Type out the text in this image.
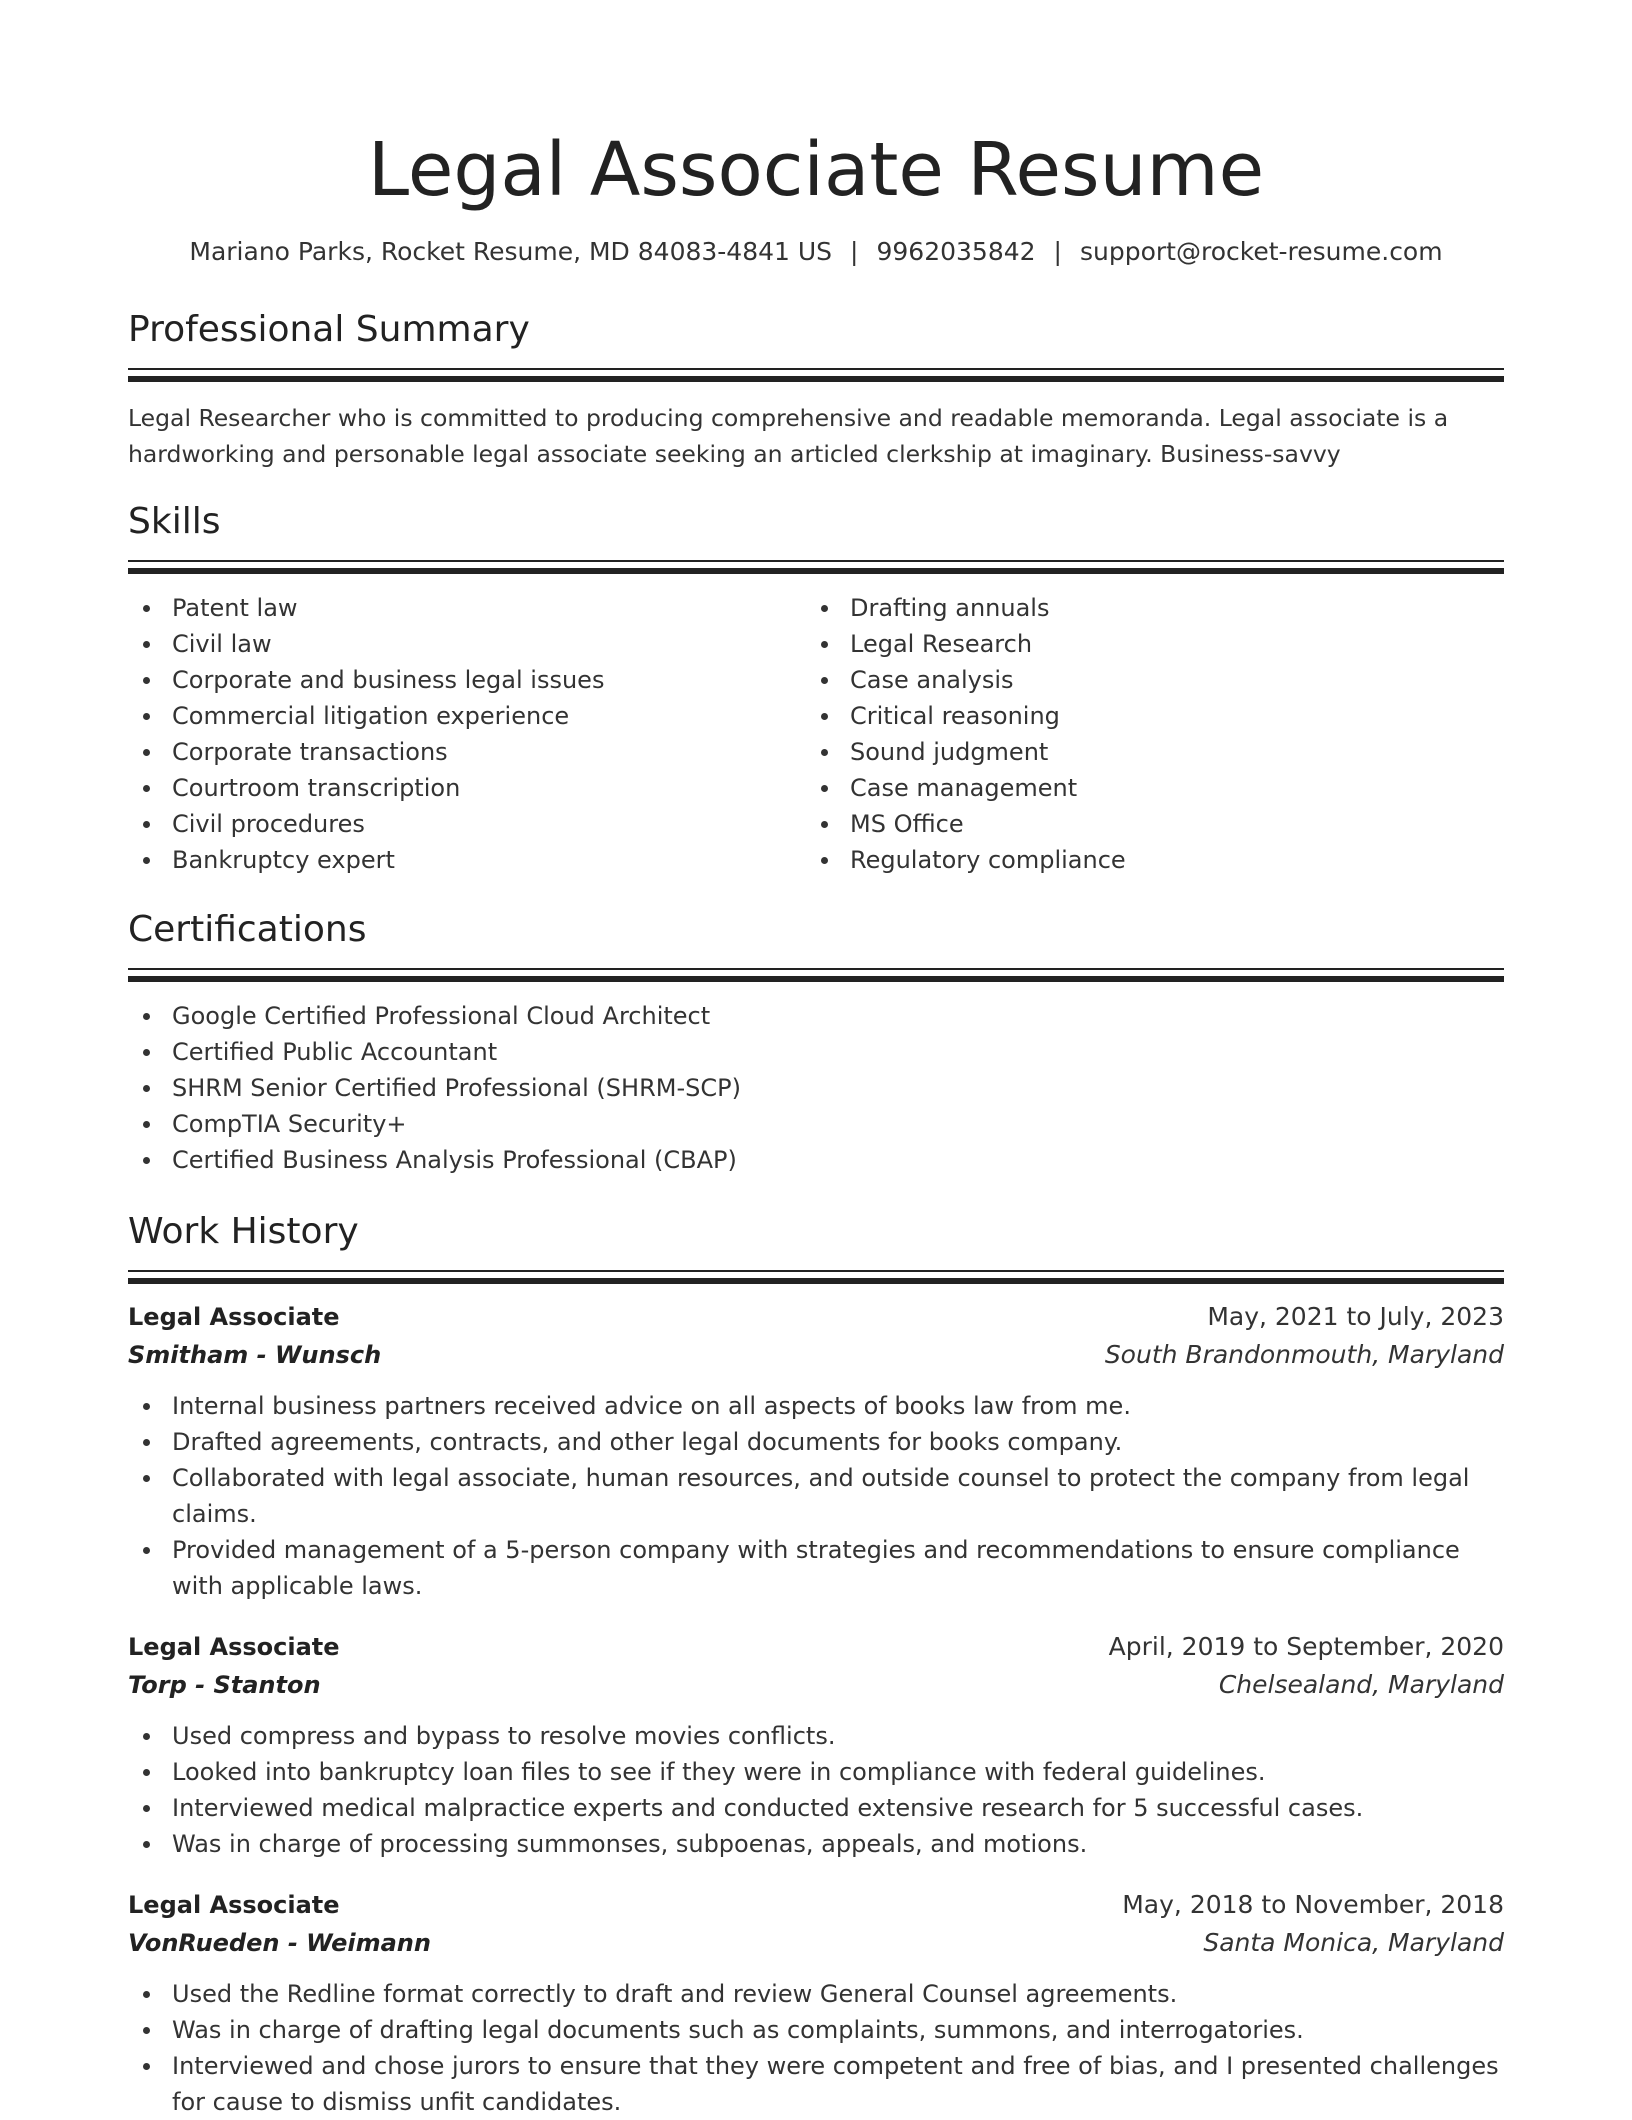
Legal Associate Resume
Mariano Parks, Rocket Resume, MD 84083-4841 US | 9962035842 | support@rocket-resume.com
Professional Summary
Legal Researcher who is committed to producing comprehensive and readable memoranda. Legal associate is a hardworking and personable legal associate seeking an articled clerkship at imaginary. Business-savvy
Skills
Patent law
Civil law
Corporate and business legal issues
Commercial litigation experience
Corporate transactions
Courtroom transcription
Civil procedures
Bankruptcy expert
Drafting annuals
Legal Research
Case analysis
Critical reasoning
Sound judgment
Case management
MS Office
Regulatory compliance
Certifications
Google Certified Professional Cloud Architect
Certified Public Accountant
SHRM Senior Certified Professional (SHRM-SCP)
CompTIA Security+
Certified Business Analysis Professional (CBAP)
Work History
Legal Associate	May, 2021 to July, 2023
Smitham - Wunsch	South Brandonmouth, Maryland
Internal business partners received advice on all aspects of books law from me.
Drafted agreements, contracts, and other legal documents for books company.
Collaborated with legal associate, human resources, and outside counsel to protect the company from legal claims.
Provided management of a 5-person company with strategies and recommendations to ensure compliance with applicable laws.
Legal Associate	April, 2019 to September, 2020
Torp - Stanton	Chelsealand, Maryland
Used compress and bypass to resolve movies conflicts.
Looked into bankruptcy loan files to see if they were in compliance with federal guidelines.
Interviewed medical malpractice experts and conducted extensive research for 5 successful cases.
Was in charge of processing summonses, subpoenas, appeals, and motions.
Legal Associate	May, 2018 to November, 2018
VonRueden - Weimann	Santa Monica, Maryland
Used the Redline format correctly to draft and review General Counsel agreements.
Was in charge of drafting legal documents such as complaints, summons, and interrogatories.
Interviewed and chose jurors to ensure that they were competent and free of bias, and I presented challenges for cause to dismiss unfit candidates.
